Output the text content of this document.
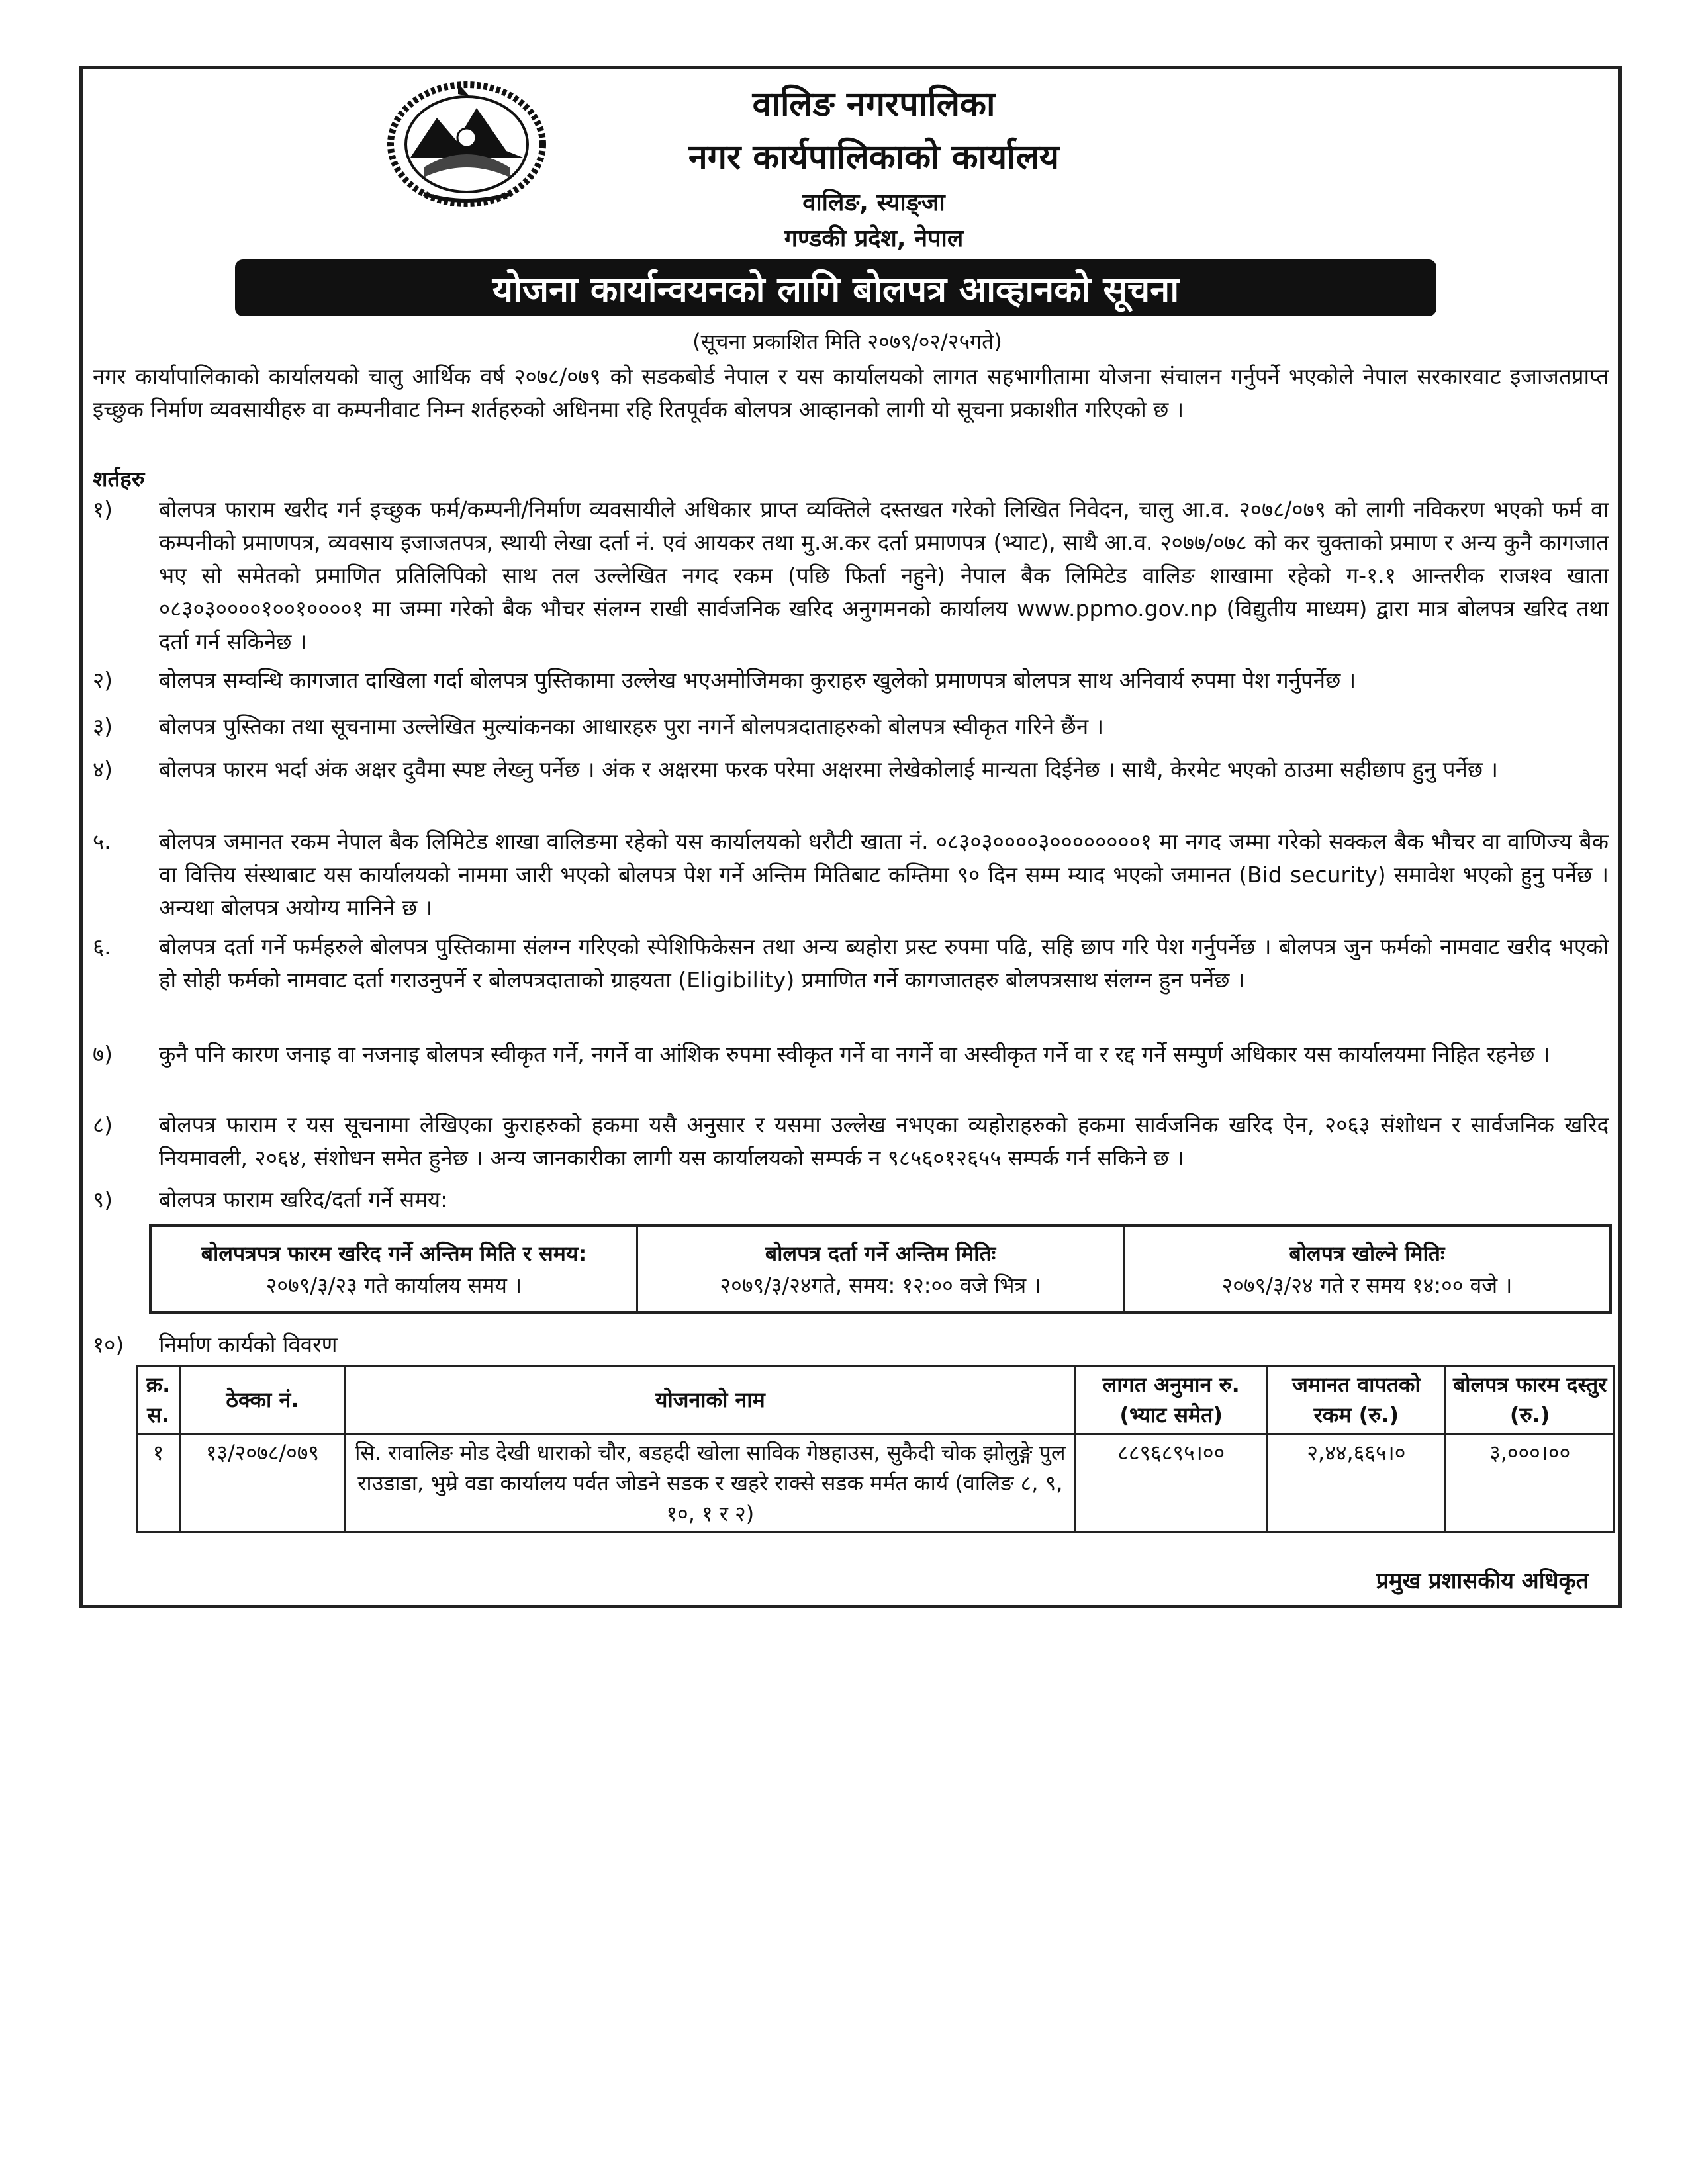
वालिङ नगरपालिका
नगर कार्यपालिकाको कार्यालय
वालिङ, स्याङ्जा
गण्डकी प्रदेश, नेपाल
योजना कार्यान्वयनको लागि बोलपत्र आव्हानको सूचना
(सूचना प्रकाशित मिति २०७९/०२/२५गते)
नगर कार्यापालिकाको कार्यालयको चालु आर्थिक वर्ष २०७८/०७९ को सडकबोर्ड नेपाल र यस कार्यालयको लागत सहभागीतामा योजना संचालन गर्नुपर्ने भएकोले नेपाल सरकारवाट इजाजतप्राप्त इच्छुक निर्माण व्यवसायीहरु वा कम्पनीवाट निम्न शर्तहरुको अधिनमा रहि रितपूर्वक बोलपत्र आव्हानको लागी यो सूचना प्रकाशीत गरिएको छ ।
शर्तहरु
१)	बोलपत्र फाराम खरीद गर्न इच्छुक फर्म/कम्पनी/निर्माण व्यवसायीले अधिकार प्राप्त व्यक्तिले दस्तखत गरेको लिखित निवेदन, चालु आ.व. २०७८/०७९ को लागी नविकरण भएको फर्म वा कम्पनीको प्रमाणपत्र, व्यवसाय इजाजतपत्र, स्थायी लेखा दर्ता नं. एवं आयकर तथा मु.अ.कर दर्ता प्रमाणपत्र (भ्याट), साथै आ.व. २०७७/०७८ को कर चुक्ताको प्रमाण र अन्य कुनै कागजात भए सो समेतको प्रमाणित प्रतिलिपिको साथ तल उल्लेखित नगद रकम (पछि फिर्ता नहुने) नेपाल बैक लिमिटेड वालिङ शाखामा रहेको ग-१.१ आन्तरीक राजश्व खाता ०८३०३००००१००१००००१ मा जम्मा गरेको बैक भौचर संलग्न राखी सार्वजनिक खरिद अनुगमनको कार्यालय www.ppmo.gov.np (विद्युतीय माध्यम) द्वारा मात्र बोलपत्र खरिद तथा दर्ता गर्न सकिनेछ ।
२)	बोलपत्र सम्वन्धि कागजात दाखिला गर्दा बोलपत्र पुस्तिकामा उल्लेख भएअमोजिमका कुराहरु खुलेको प्रमाणपत्र बोलपत्र साथ अनिवार्य रुपमा पेश गर्नुपर्नेछ ।
३)	बोलपत्र पुस्तिका तथा सूचनामा उल्लेखित मुल्यांकनका आधारहरु पुरा नगर्ने बोलपत्रदाताहरुको बोलपत्र स्वीकृत गरिने छैंन ।
४)	बोलपत्र फारम भर्दा अंक अक्षर दुवैमा स्पष्ट लेख्नु पर्नेछ । अंक र अक्षरमा फरक परेमा अक्षरमा लेखेकोलाई मान्यता दिईनेछ । साथै, केरमेट भएको ठाउमा सहीछाप हुनु पर्नेछ ।
५.	बोलपत्र जमानत रकम नेपाल बैक लिमिटेड शाखा वालिङमा रहेको यस कार्यालयको धरौटी खाता नं. ०८३०३००००३००००००००१ मा नगद जम्मा गरेको सक्कल बैक भौचर वा वाणिज्य बैक वा वित्तिय संस्थाबाट यस कार्यालयको नाममा जारी भएको बोलपत्र पेश गर्ने अन्तिम मितिबाट कम्तिमा ९० दिन सम्म म्याद भएको जमानत (Bid security) समावेश भएको हुनु पर्नेछ । अन्यथा बोलपत्र अयोग्य मानिने छ ।
६.	बोलपत्र दर्ता गर्ने फर्महरुले बोलपत्र पुस्तिकामा संलग्न गरिएको स्पेशिफिकेसन तथा अन्य ब्यहोरा प्रस्ट रुपमा पढि, सहि छाप गरि पेश गर्नुपर्नेछ । बोलपत्र जुन फर्मको नामवाट खरीद भएको हो सोही फर्मको नामवाट दर्ता गराउनुपर्ने र बोलपत्रदाताको ग्राहयता (Eligibility) प्रमाणित गर्ने कागजातहरु बोलपत्रसाथ संलग्न हुन पर्नेछ ।
७)	कुनै पनि कारण जनाइ वा नजनाइ बोलपत्र स्वीकृत गर्ने, नगर्ने वा आंशिक रुपमा स्वीकृत गर्ने वा नगर्ने वा अस्वीकृत गर्ने वा र रद्द गर्ने सम्पुर्ण अधिकार यस कार्यालयमा निहित रहनेछ ।
८)	बोलपत्र फाराम र यस सूचनामा लेखिएका कुराहरुको हकमा यसै अनुसार र यसमा उल्लेख नभएका व्यहोराहरुको हकमा सार्वजनिक खरिद ऐन, २०६३ संशोधन र सार्वजनिक खरिद नियमावली, २०६४, संशोधन समेत हुनेछ । अन्य जानकारीका लागी यस कार्यालयको सम्पर्क न ९८५६०१२६५५ सम्पर्क गर्न सकिने छ ।
९)	बोलपत्र फाराम खरिद/दर्ता गर्ने समय:
बोलपत्रपत्र फारम खरिद गर्ने अन्तिम मिति र समय:
२०७९/३/२३ गते कार्यालय समय ।
बोलपत्र दर्ता गर्ने अन्तिम मितिः
२०७९/३/२४गते, समय: १२:०० वजे भित्र ।
बोलपत्र खोल्ने मितिः
२०७९/३/२४ गते र समय १४:०० वजे ।
१०) निर्माण कार्यको विवरण
क्र. स.	ठेक्का नं.	योजनाको नाम	लागत अनुमान रु. (भ्याट समेत)	जमानत वापतको रकम (रु.)	बोलपत्र फारम दस्तुर (रु.)
१	१३/२०७८/०७९	सि. रावालिङ मोड देखी धाराको चौर, बडहदी खोला साविक गेष्ठहाउस, सुकैदी चोक झोलुङ्गे पुल राउडाडा, भुम्रे वडा कार्यालय पर्वत जोडने सडक र खहरे राक्से सडक मर्मत कार्य (वालिङ ८, ९, १०, १ र २)	८८९६८९५।००	२,४४,६६५।०	३,०००।००
प्रमुख प्रशासकीय अधिकृत
